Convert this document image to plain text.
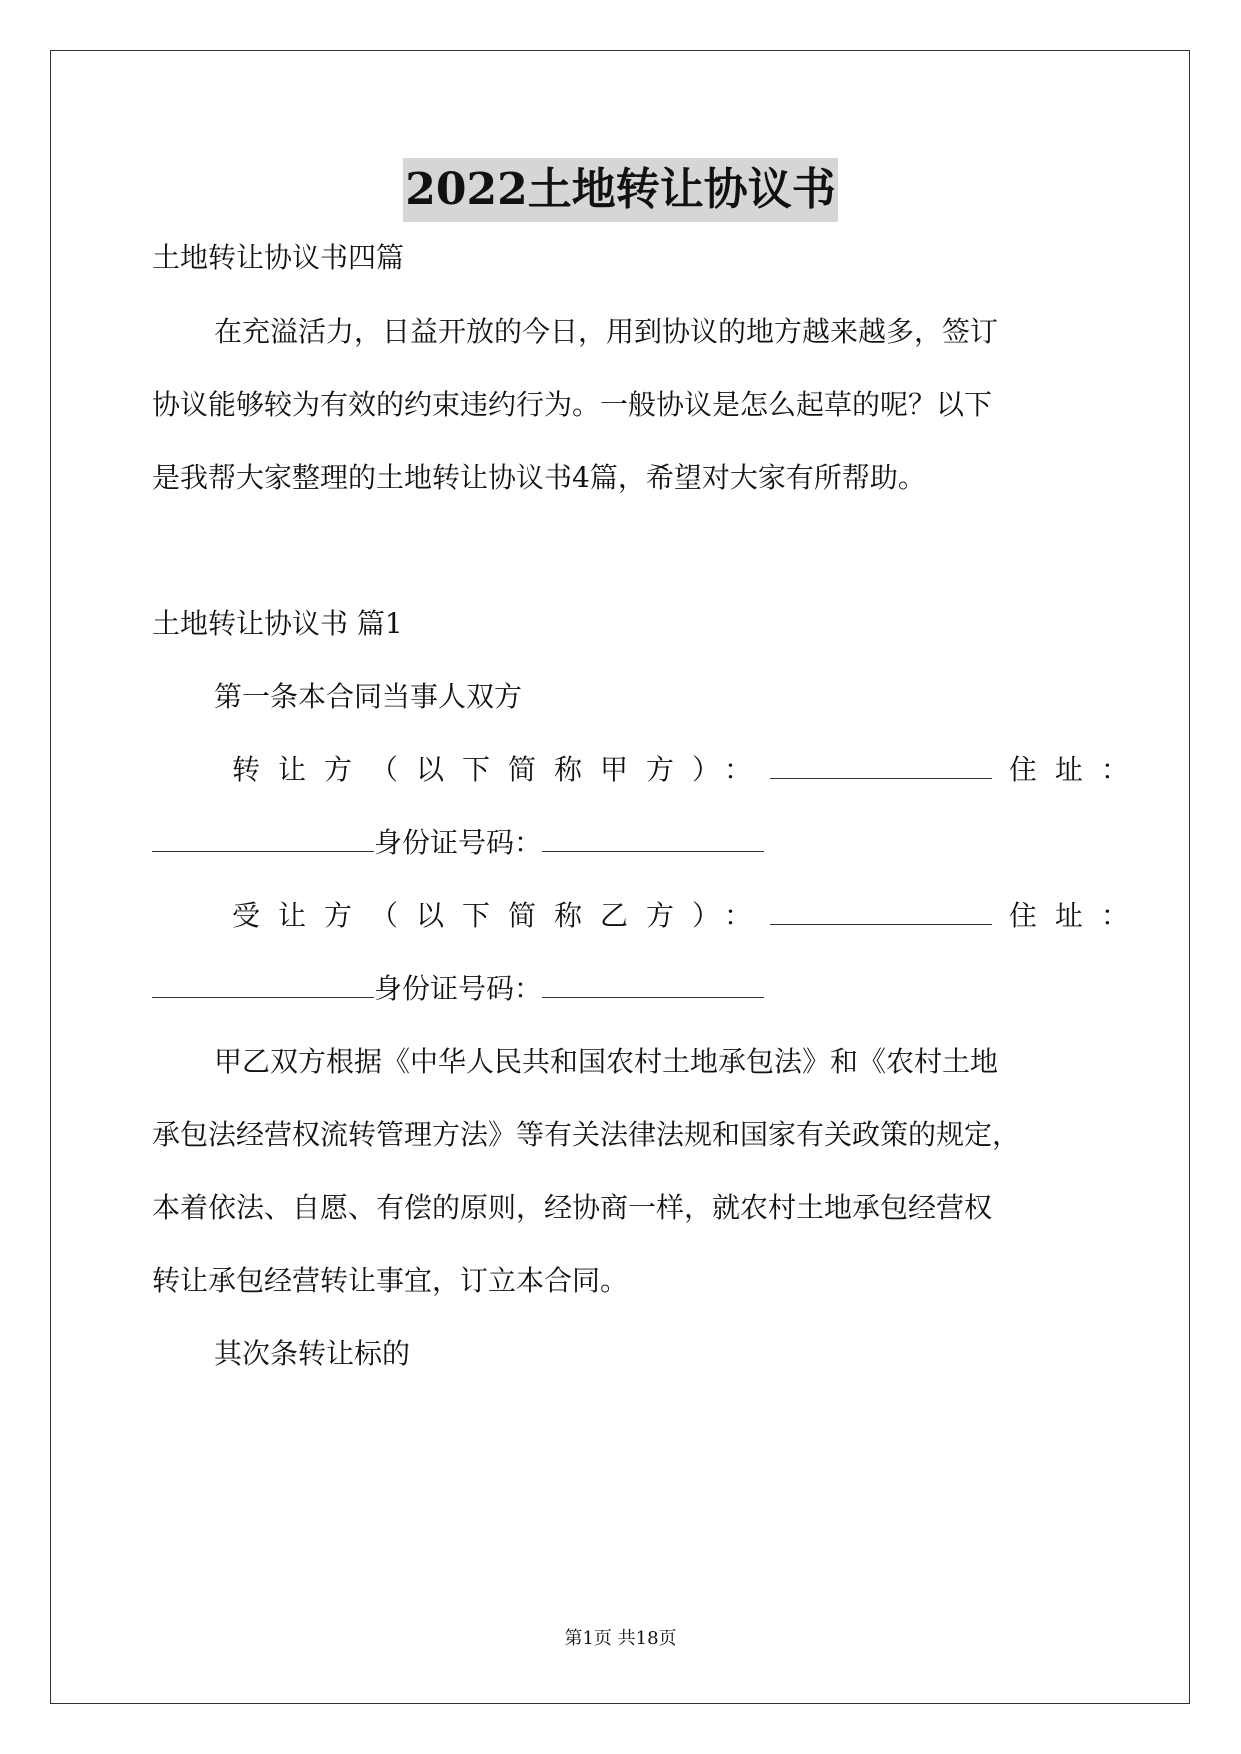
2022土地转让协议书
土地转让协议书四篇
在充溢活力，日益开放的今日，用到协议的地方越来越多，签订
协议能够较为有效的约束违约行为。一般协议是怎么起草的呢？以下
是我帮大家整理的土地转让协议书4篇，希望对大家有所帮助。
土地转让协议书 篇1
第一条本合同当事人双方
转让方（以下简称甲方）：	住址：
身份证号码：
受让方（以下简称乙方）：	住址：
身份证号码：
甲乙双方根据《中华人民共和国农村土地承包法》和《农村土地
承包法经营权流转管理方法》等有关法律法规和国家有关政策的规定，
本着依法、自愿、有偿的原则，经协商一样，就农村土地承包经营权
转让承包经营转让事宜，订立本合同。
其次条转让标的
第1页 共18页
